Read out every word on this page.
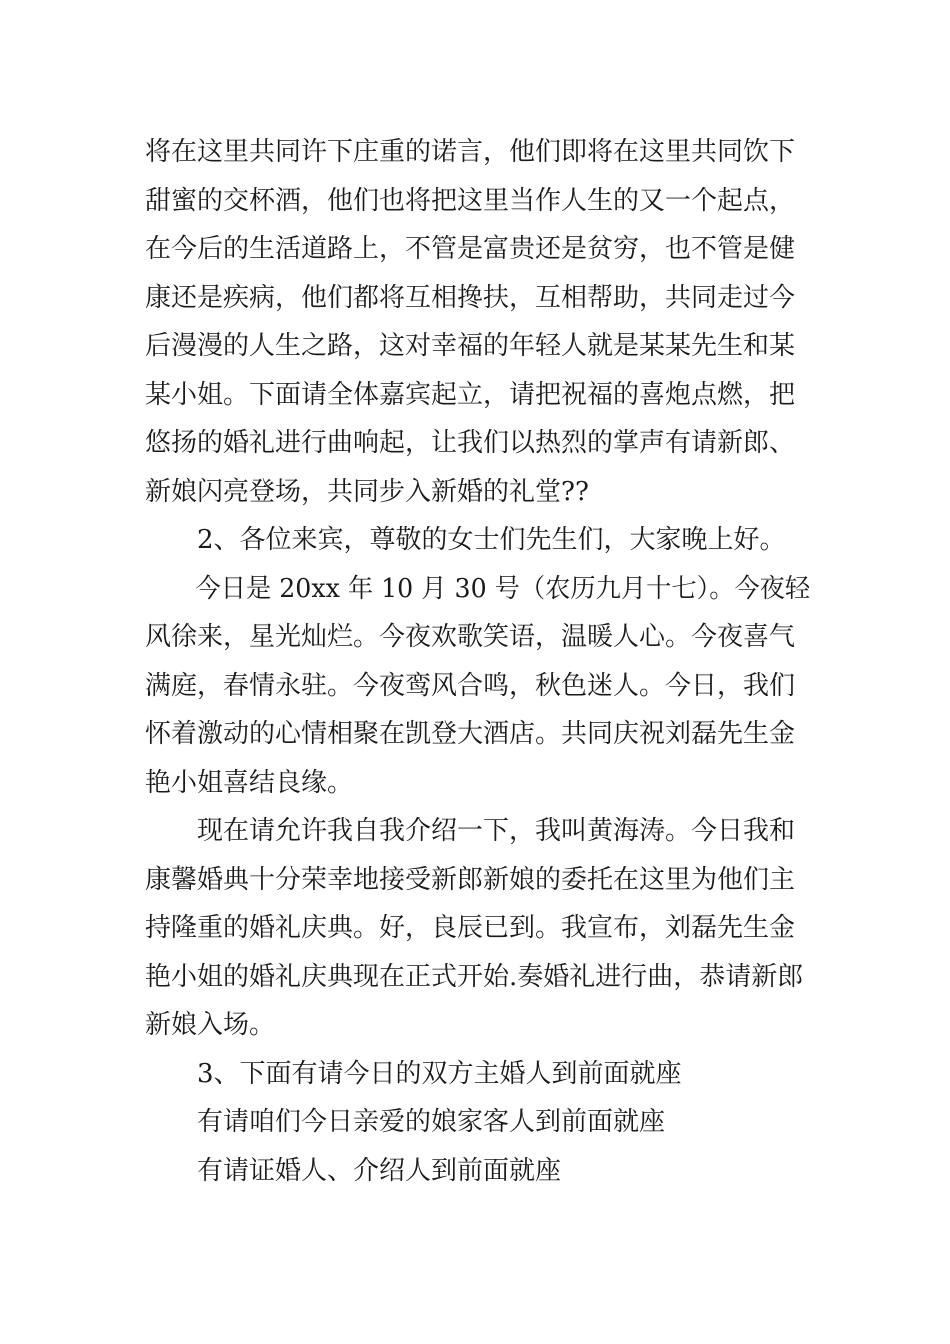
将在这里共同许下庄重的诺言，他们即将在这里共同饮下
甜蜜的交杯酒，他们也将把这里当作人生的又一个起点，
在今后的生活道路上，不管是富贵还是贫穷，也不管是健
康还是疾病，他们都将互相搀扶，互相帮助，共同走过今
后漫漫的人生之路，这对幸福的年轻人就是某某先生和某
某小姐。下面请全体嘉宾起立，请把祝福的喜炮点燃，把
悠扬的婚礼进行曲响起，让我们以热烈的掌声有请新郎、
新娘闪亮登场，共同步入新婚的礼堂??
2、各位来宾，尊敬的女士们先生们，大家晚上好。
今日是 20xx 年 10 月 30 号（农历九月十七）。今夜轻
风徐来，星光灿烂。今夜欢歌笑语，温暖人心。今夜喜气
满庭，春情永驻。今夜鸾风合鸣，秋色迷人。今日，我们
怀着激动的心情相聚在凯登大酒店。共同庆祝刘磊先生金
艳小姐喜结良缘。
现在请允许我自我介绍一下，我叫黄海涛。今日我和
康馨婚典十分荣幸地接受新郎新娘的委托在这里为他们主
持隆重的婚礼庆典。好，良辰已到。我宣布，刘磊先生金
艳小姐的婚礼庆典现在正式开始.奏婚礼进行曲，恭请新郎
新娘入场。
3、下面有请今日的双方主婚人到前面就座
有请咱们今日亲爱的娘家客人到前面就座
有请证婚人、介绍人到前面就座
